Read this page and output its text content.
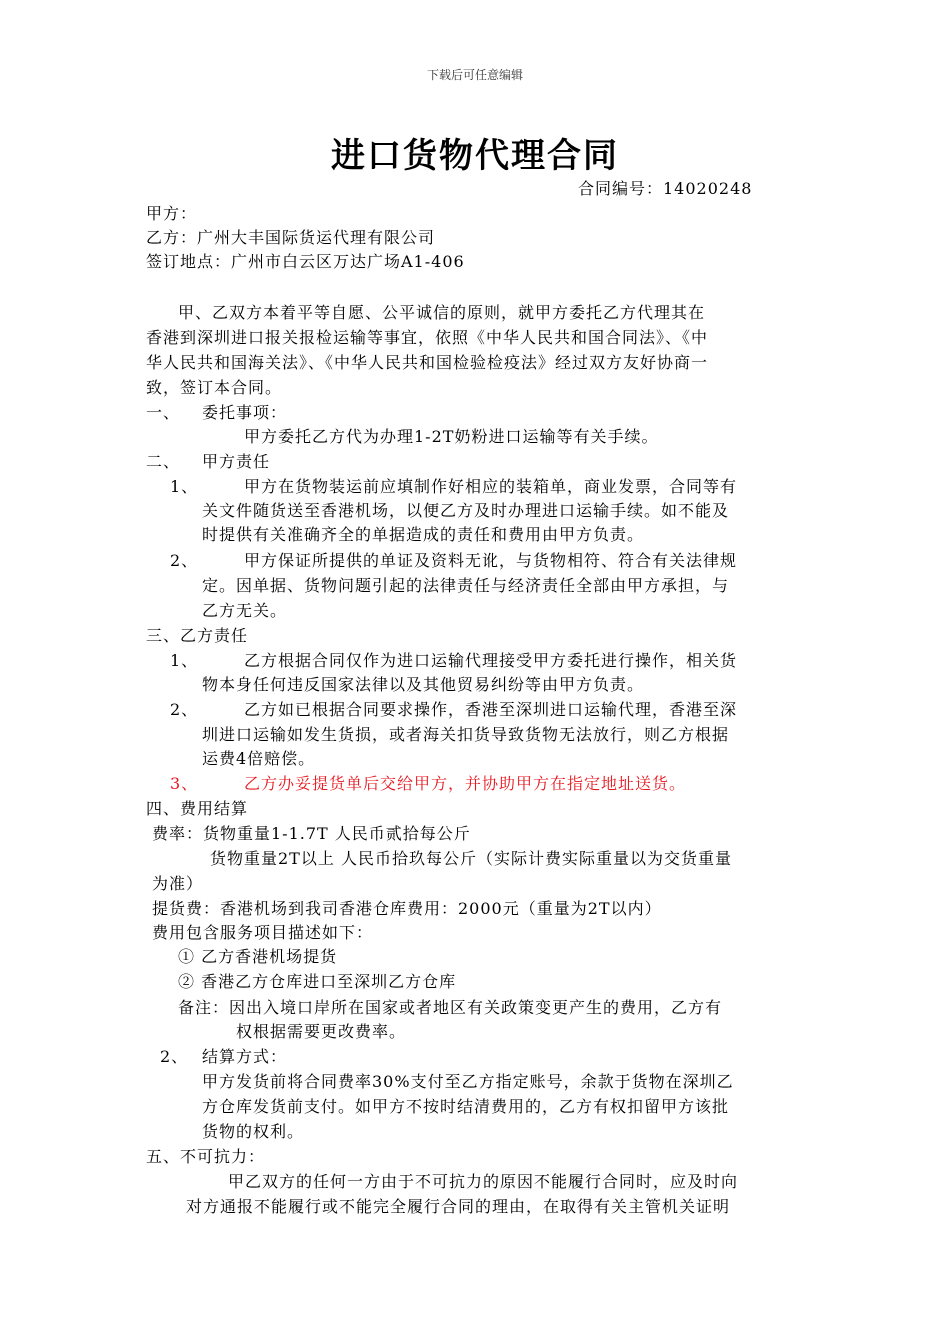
下载后可任意编辑
进口货物代理合同
合同编号：14020248
甲方：
乙方：广州大丰国际货运代理有限公司
签订地点：广州市白云区万达广场A1-406
甲、乙双方本着平等自愿、公平诚信的原则，就甲方委托乙方代理其在
香港到深圳进口报关报检运输等事宜，依照《中华人民共和国合同法》、《中
华人民共和国海关法》、《中华人民共和国检验检疫法》经过双方友好协商一
致，签订本合同。
一、 委托事项：
甲方委托乙方代为办理1-2T奶粉进口运输等有关手续。
二、 甲方责任
1、	甲方在货物装运前应填制作好相应的装箱单，商业发票，合同等有
关文件随货送至香港机场，以便乙方及时办理进口运输手续。如不能及
时提供有关准确齐全的单据造成的责任和费用由甲方负责。
2、	甲方保证所提供的单证及资料无讹，与货物相符、符合有关法律规
定。因单据、货物问题引起的法律责任与经济责任全部由甲方承担，与
乙方无关。
三、乙方责任
1、	乙方根据合同仅作为进口运输代理接受甲方委托进行操作，相关货
物本身任何违反国家法律以及其他贸易纠纷等由甲方负责。
2、	乙方如已根据合同要求操作，香港至深圳进口运输代理，香港至深
圳进口运输如发生货损，或者海关扣货导致货物无法放行，则乙方根据
运费4倍赔偿。
3、	乙方办妥提货单后交给甲方，并协助甲方在指定地址送货。
四、费用结算
费率：货物重量1-1.7T 人民币贰拾每公斤
货物重量2T以上 人民币拾玖每公斤（实际计费实际重量以为交货重量
为准）
提货费：香港机场到我司香港仓库费用：2000元（重量为2T以内）
费用包含服务项目描述如下：
① 乙方香港机场提货
② 香港乙方仓库进口至深圳乙方仓库
备注：因出入境口岸所在国家或者地区有关政策变更产生的费用，乙方有
权根据需要更改费率。
2、 结算方式：
甲方发货前将合同费率30%支付至乙方指定账号，余款于货物在深圳乙
方仓库发货前支付。如甲方不按时结清费用的，乙方有权扣留甲方该批
货物的权利。
五、不可抗力：
甲乙双方的任何一方由于不可抗力的原因不能履行合同时，应及时向
对方通报不能履行或不能完全履行合同的理由，在取得有关主管机关证明
